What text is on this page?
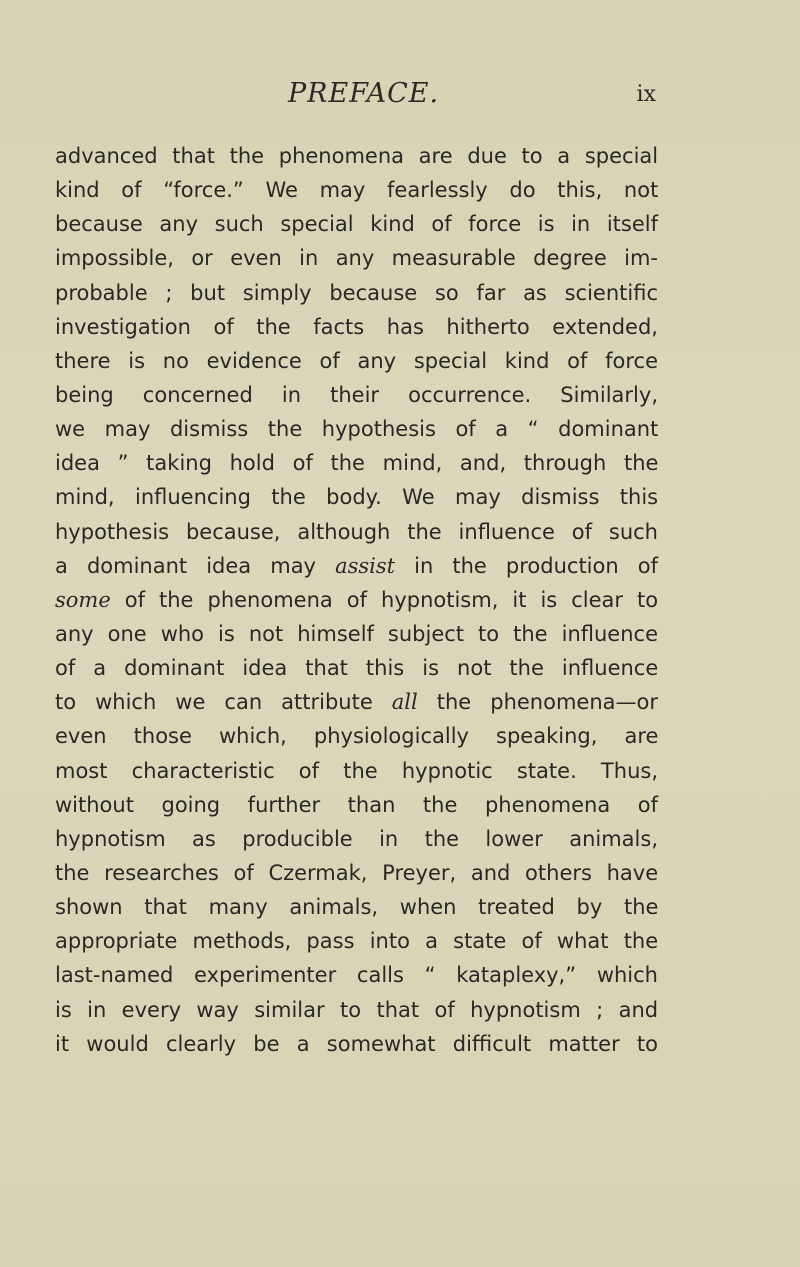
PREFACE.	ix
advanced that the phenomena are due to a special
kind of “force.” We may fearlessly do this, not
because any such special kind of force is in itself
impossible, or even in any measurable degree im-
probable ; but simply because so far as scientific
investigation of the facts has hitherto extended,
there is no evidence of any special kind of force
being concerned in their occurrence. Similarly,
we may dismiss the hypothesis of a “ dominant
idea ” taking hold of the mind, and, through the
mind, influencing the body. We may dismiss this
hypothesis because, although the influence of such
a dominant idea may assist in the production of
some of the phenomena of hypnotism, it is clear to
any one who is not himself subject to the influence
of a dominant idea that this is not the influence
to which we can attribute all the phenomena—or
even those which, physiologically speaking, are
most characteristic of the hypnotic state. Thus,
without going further than the phenomena of
hypnotism as producible in the lower animals,
the researches of Czermak, Preyer, and others have
shown that many animals, when treated by the
appropriate methods, pass into a state of what the
last-named experimenter calls “ kataplexy,” which
is in every way similar to that of hypnotism ; and
it would clearly be a somewhat difficult matter to
